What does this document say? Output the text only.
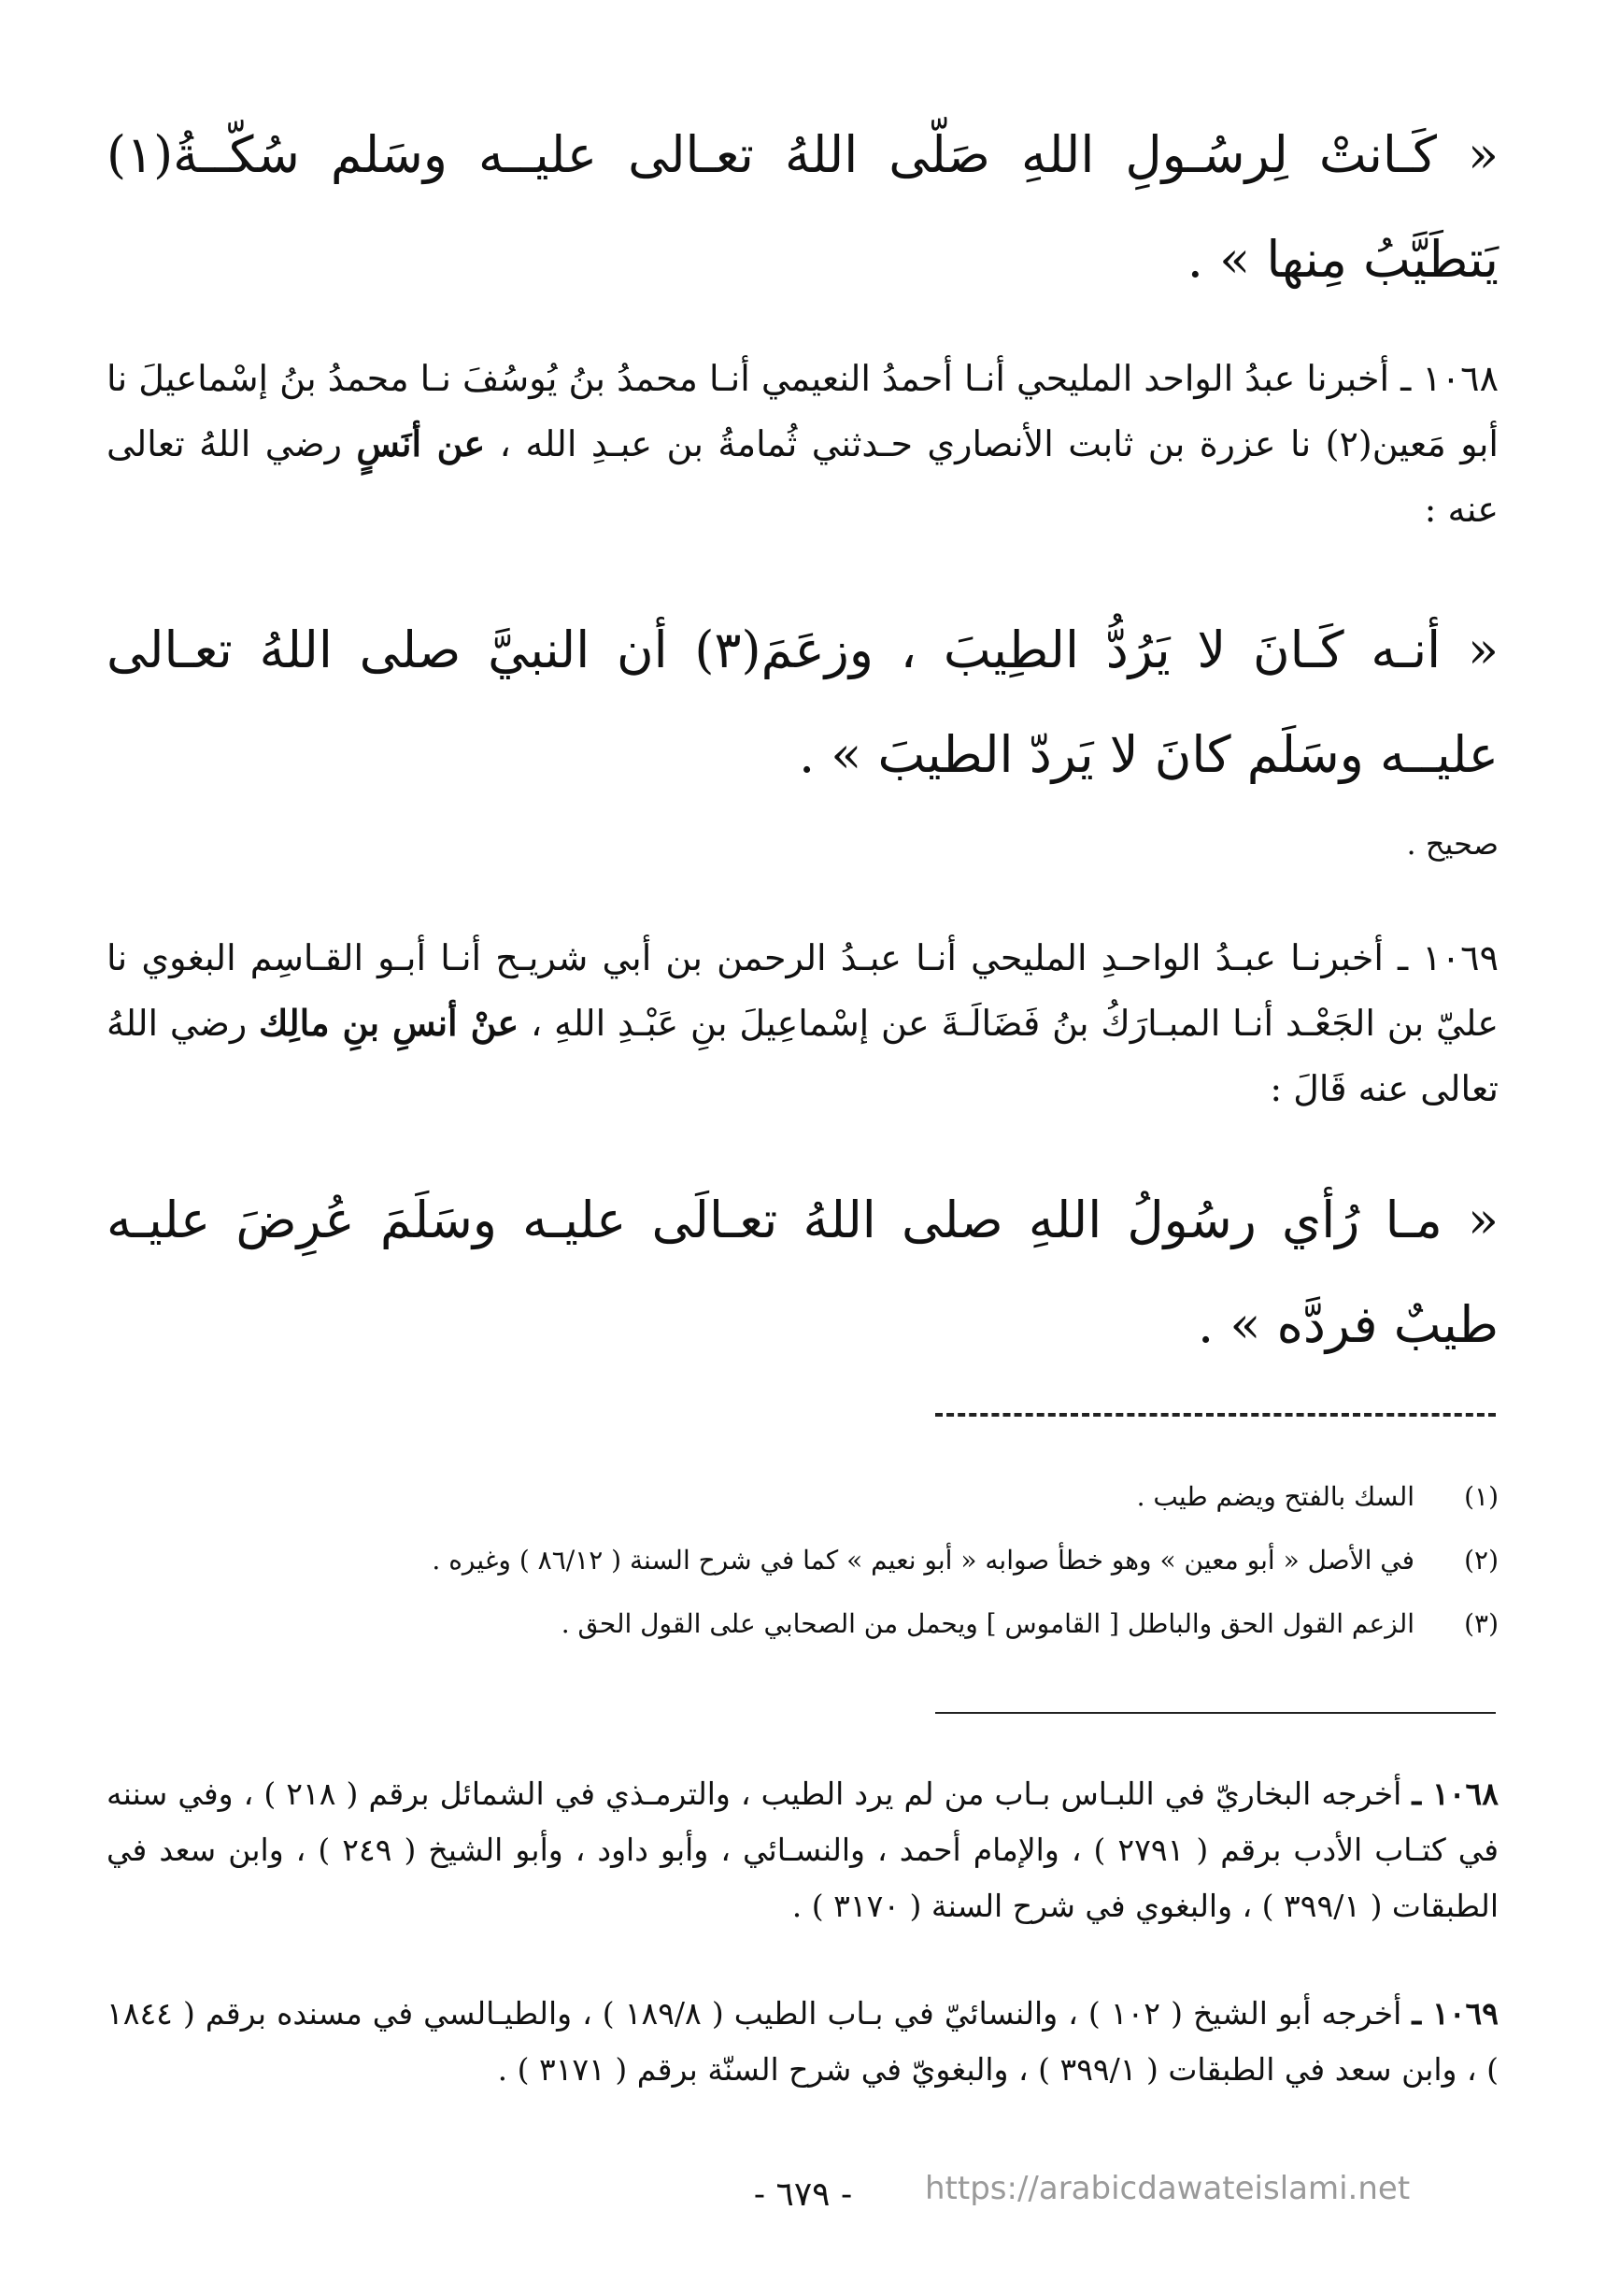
« كَـانتْ لِرسُـولِ اللهِ صَلّى اللهُ تعـالى عليــه وسَلم سُكّــةُ(١) يَتطَيَّبُ مِنها » .
١٠٦٨ ـ أخبرنا عبدُ الواحد المليحي أنـا أحمدُ النعيمي أنـا محمدُ بنُ يُوسُفَ نـا محمدُ بنُ إسْماعيلَ نا أبو مَعين(٢) نا عزرة بن ثابت الأنصاري حـدثني ثُمامةُ بن عبـدِ الله ، عن أنَسٍ رضي اللهُ تعالى عنه :
« أنـه كَـانَ لا يَرُدُّ الطِيبَ ، وزعَمَ(٣) أن النبيَّ صلى اللهُ تعـالى عليــه وسَلَم كانَ لا يَردّ الطيبَ » .
صحيح .
١٠٦٩ ـ أخبرنـا عبـدُ الواحـدِ المليحي أنـا عبـدُ الرحمن بن أبي شريـح أنـا أبـو القـاسِم البغوي نا عليّ بن الجَعْـد أنـا المبـارَكُ بنُ فَضَالَـةَ عن إسْماعِيلَ بنِ عَبْـدِ اللهِ ، عنْ أنسِ بنِ مالِك رضي اللهُ تعالى عنه قَالَ :
« مـا رُأي رسُولُ اللهِ صلى اللهُ تعـالَى عليـه وسَلَمَ عُرِضَ عليـه طيبٌ فردَّه » .
(١)
السك بالفتح ويضم طيب .
(٢)
في الأصل « أبو معين » وهو خطأ صوابه « أبو نعيم » كما في شرح السنة ( ٨٦/١٢ ) وغيره .
(٣)
الزعم القول الحق والباطل [ القاموس ] ويحمل من الصحابي على القول الحق .
١٠٦٨ ـ أخرجه البخاريّ في اللبـاس بـاب من لم يرد الطيب ، والترمـذي في الشمائل برقم ( ٢١٨ ) ، وفي سننه في كتـاب الأدب برقم ( ٢٧٩١ ) ، والإمام أحمد ، والنسـائي ، وأبو داود ، وأبو الشيخ ( ٢٤٩ ) ، وابن سعد في الطبقات ( ٣٩٩/١ ) ، والبغوي في شرح السنة ( ٣١٧٠ ) .
١٠٦٩ ـ أخرجه أبو الشيخ ( ١٠٢ ) ، والنسائيّ في بـاب الطيب ( ١٨٩/٨ ) ، والطيـالسي في مسنده برقم ( ١٨٤٤ ) ، وابن سعد في الطبقات ( ٣٩٩/١ ) ، والبغويّ في شرح السنّة برقم ( ٣١٧١ ) .
- ٦٧٩ -	https://arabicdawateislami.net
